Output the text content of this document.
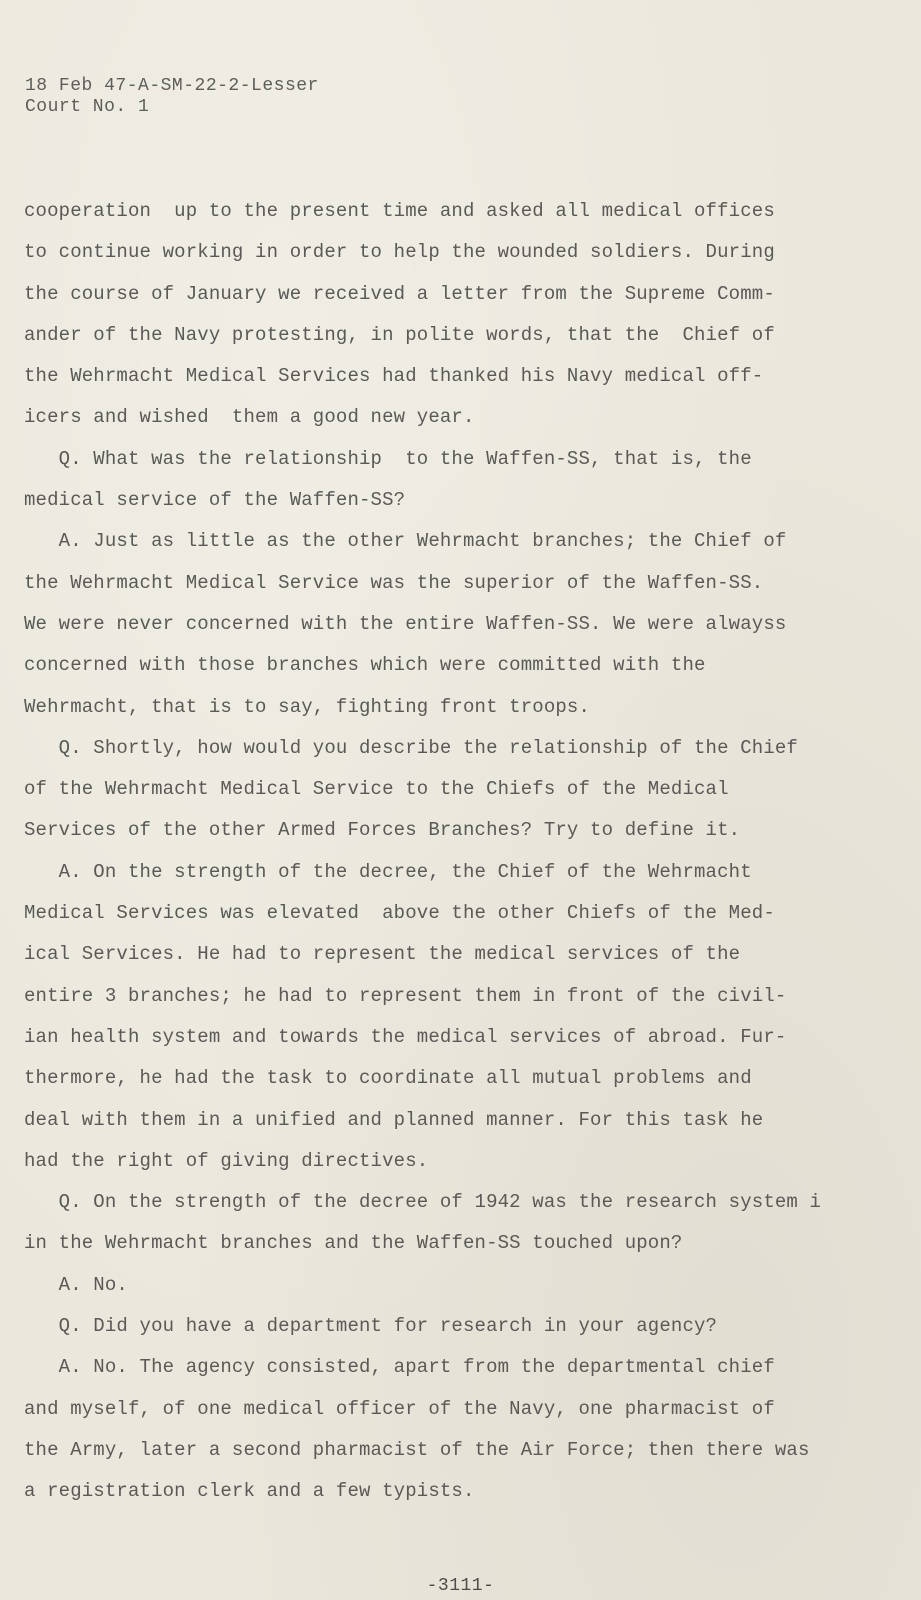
18 Feb 47-A-SM-22-2-Lesser
Court No. 1
cooperation  up to the present time and asked all medical offices
to continue working in order to help the wounded soldiers. During
the course of January we received a letter from the Supreme Comm-
ander of the Navy protesting, in polite words, that the  Chief of
the Wehrmacht Medical Services had thanked his Navy medical off-
icers and wished  them a good new year.
Q. What was the relationship  to the Waffen-SS, that is, the
medical service of the Waffen-SS?
A. Just as little as the other Wehrmacht branches; the Chief of
the Wehrmacht Medical Service was the superior of the Waffen-SS.
We were never concerned with the entire Waffen-SS. We were alwayss
concerned with those branches which were committed with the
Wehrmacht, that is to say, fighting front troops.
Q. Shortly, how would you describe the relationship of the Chief
of the Wehrmacht Medical Service to the Chiefs of the Medical
Services of the other Armed Forces Branches? Try to define it.
A. On the strength of the decree, the Chief of the Wehrmacht
Medical Services was elevated  above the other Chiefs of the Med-
ical Services. He had to represent the medical services of the
entire 3 branches; he had to represent them in front of the civil-
ian health system and towards the medical services of abroad. Fur-
thermore, he had the task to coordinate all mutual problems and
deal with them in a unified and planned manner. For this task he
had the right of giving directives.
Q. On the strength of the decree of 1942 was the research system i
in the Wehrmacht branches and the Waffen-SS touched upon?
A. No.
Q. Did you have a department for research in your agency?
A. No. The agency consisted, apart from the departmental chief
and myself, of one medical officer of the Navy, one pharmacist of
the Army, later a second pharmacist of the Air Force; then there was
a registration clerk and a few typists.
-3111-
